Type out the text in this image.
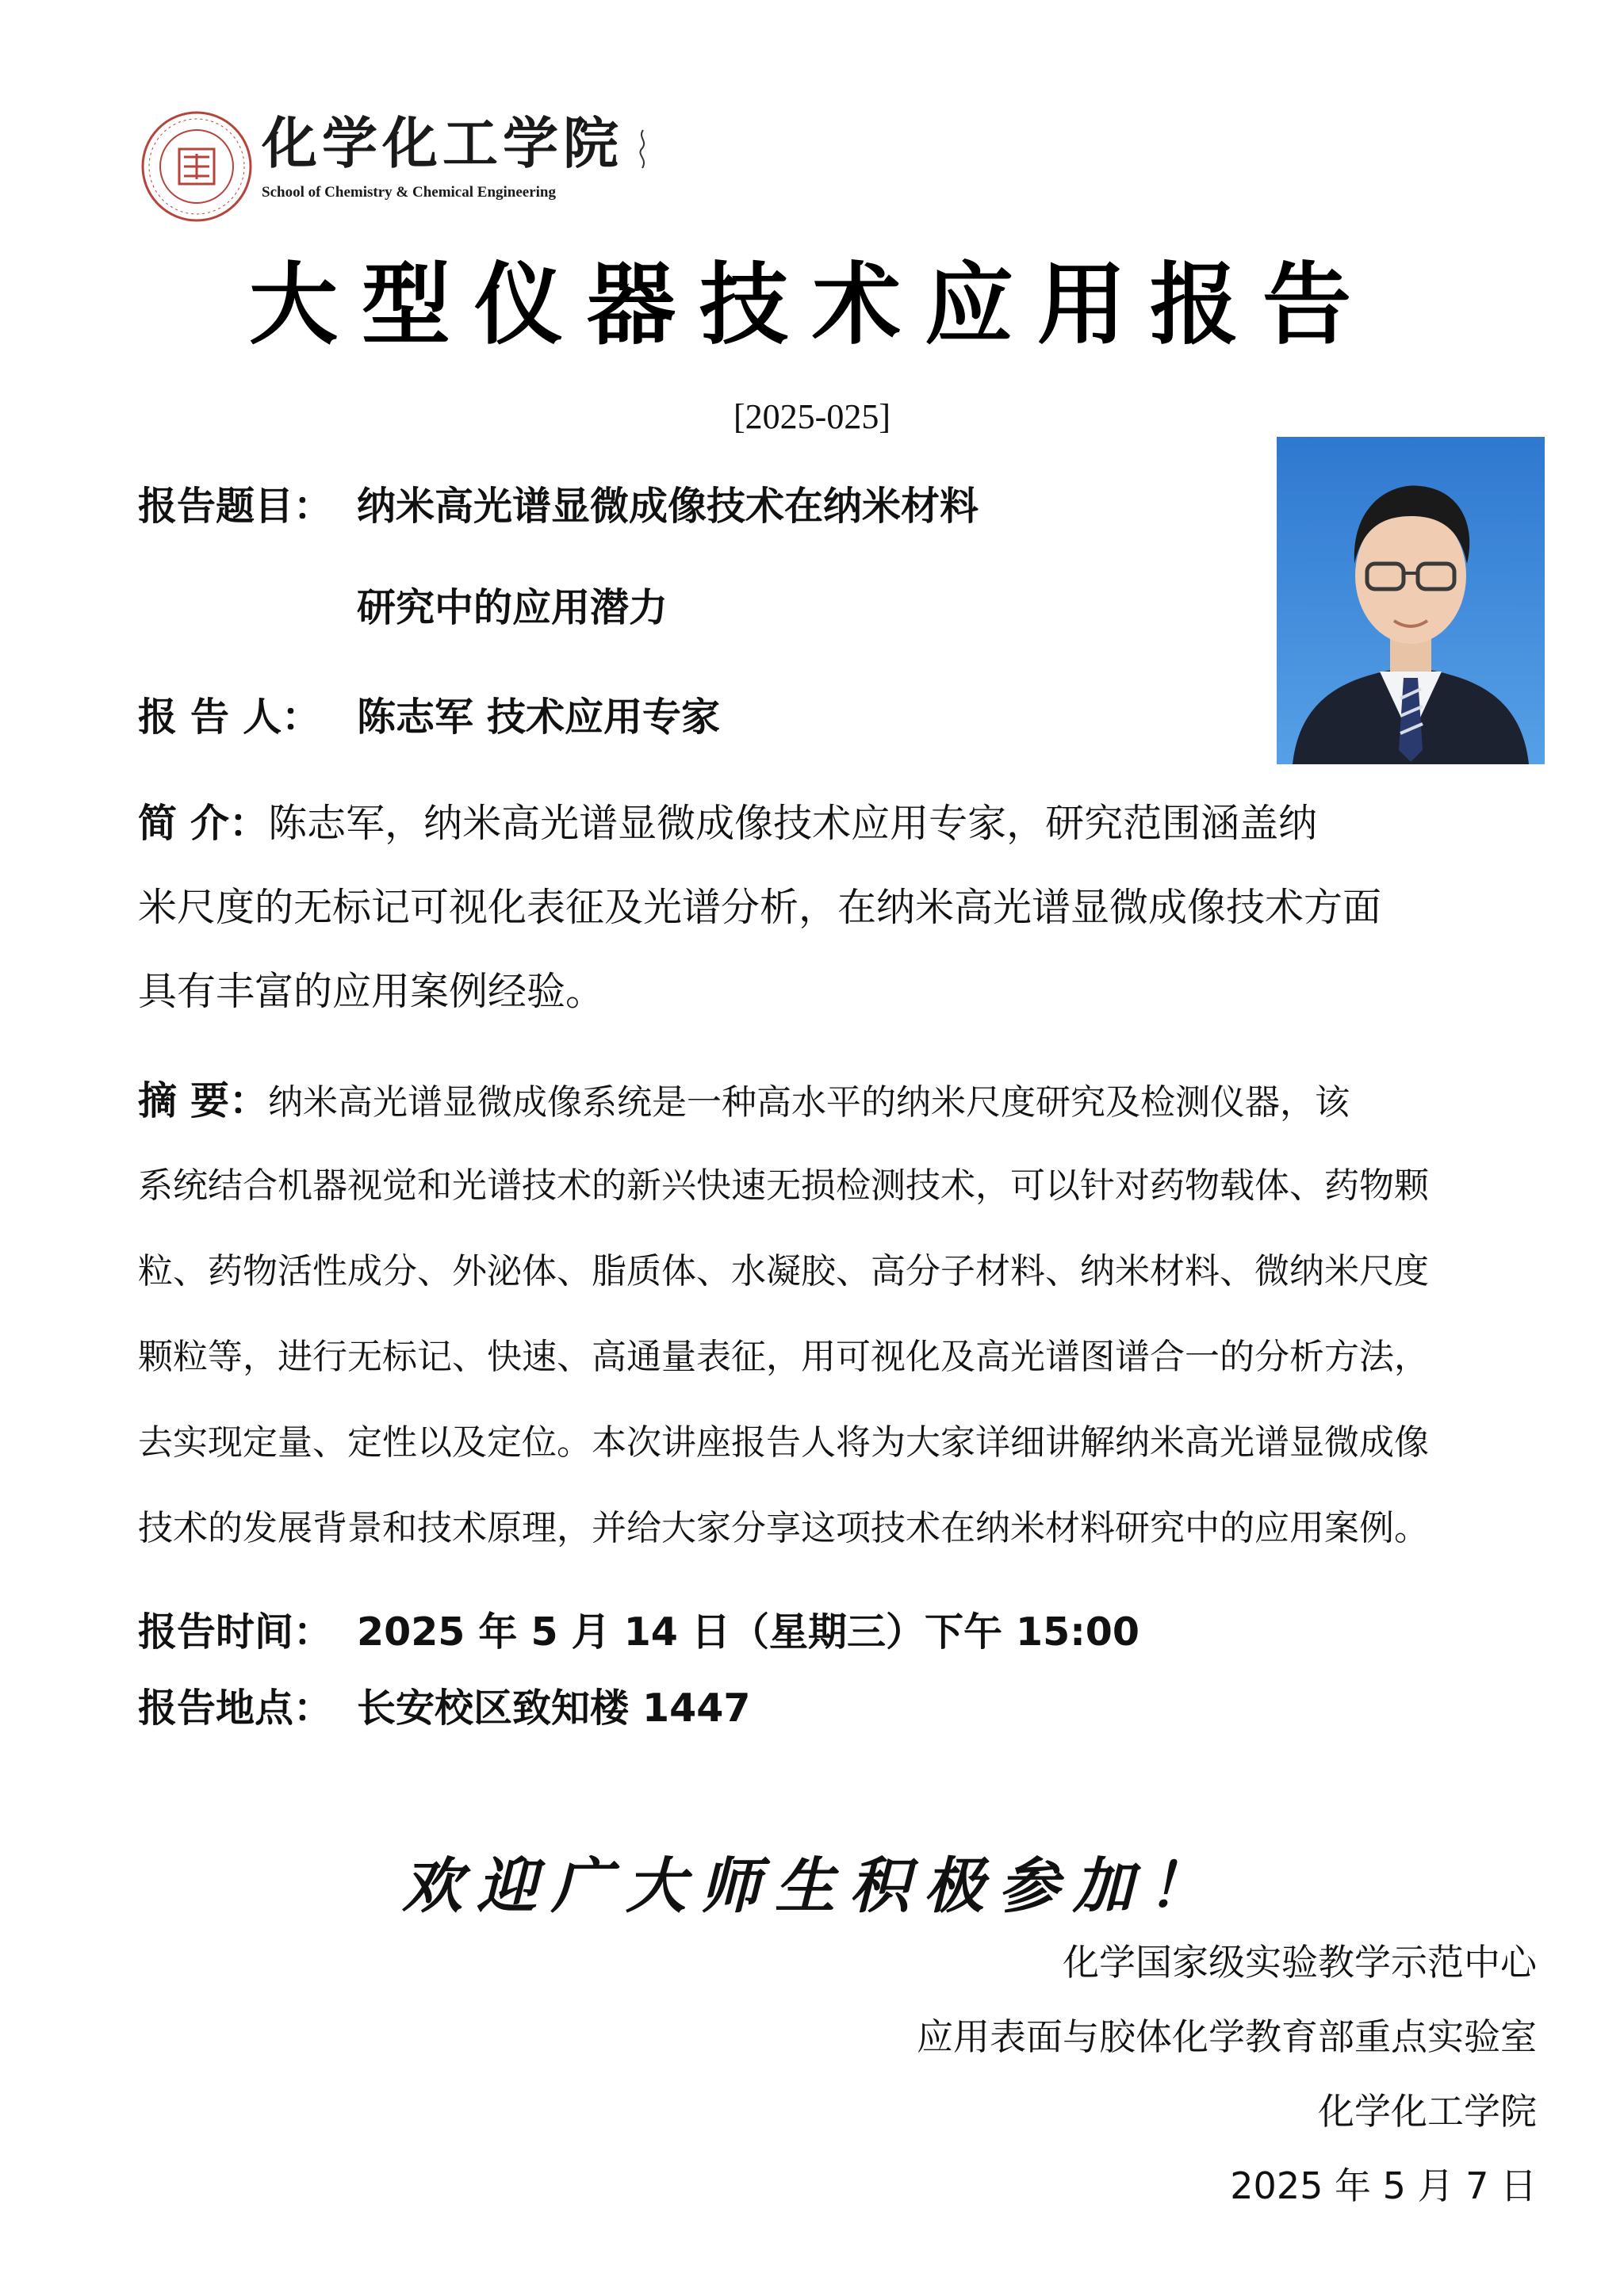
化学化工学院
School of Chemistry & Chemical Engineering
大型仪器技术应用报告
[2025-025]
报告题目： 纳米高光谱显微成像技术在纳米材料
研究中的应用潜力
报 告 人： 陈志军 技术应用专家
简 介：陈志军，纳米高光谱显微成像技术应用专家，研究范围涵盖纳
米尺度的无标记可视化表征及光谱分析，在纳米高光谱显微成像技术方面
具有丰富的应用案例经验。
摘 要：纳米高光谱显微成像系统是一种高水平的纳米尺度研究及检测仪器，该
系统结合机器视觉和光谱技术的新兴快速无损检测技术，可以针对药物载体、药物颗
粒、药物活性成分、外泌体、脂质体、水凝胶、高分子材料、纳米材料、微纳米尺度
颗粒等，进行无标记、快速、高通量表征，用可视化及高光谱图谱合一的分析方法，
去实现定量、定性以及定位。本次讲座报告人将为大家详细讲解纳米高光谱显微成像
技术的发展背景和技术原理，并给大家分享这项技术在纳米材料研究中的应用案例。
报告时间： 2025 年 5 月 14 日（星期三）下午 15:00
报告地点： 长安校区致知楼 1447
欢迎广大师生积极参加！
化学国家级实验教学示范中心
应用表面与胶体化学教育部重点实验室
化学化工学院
2025 年 5 月 7 日
